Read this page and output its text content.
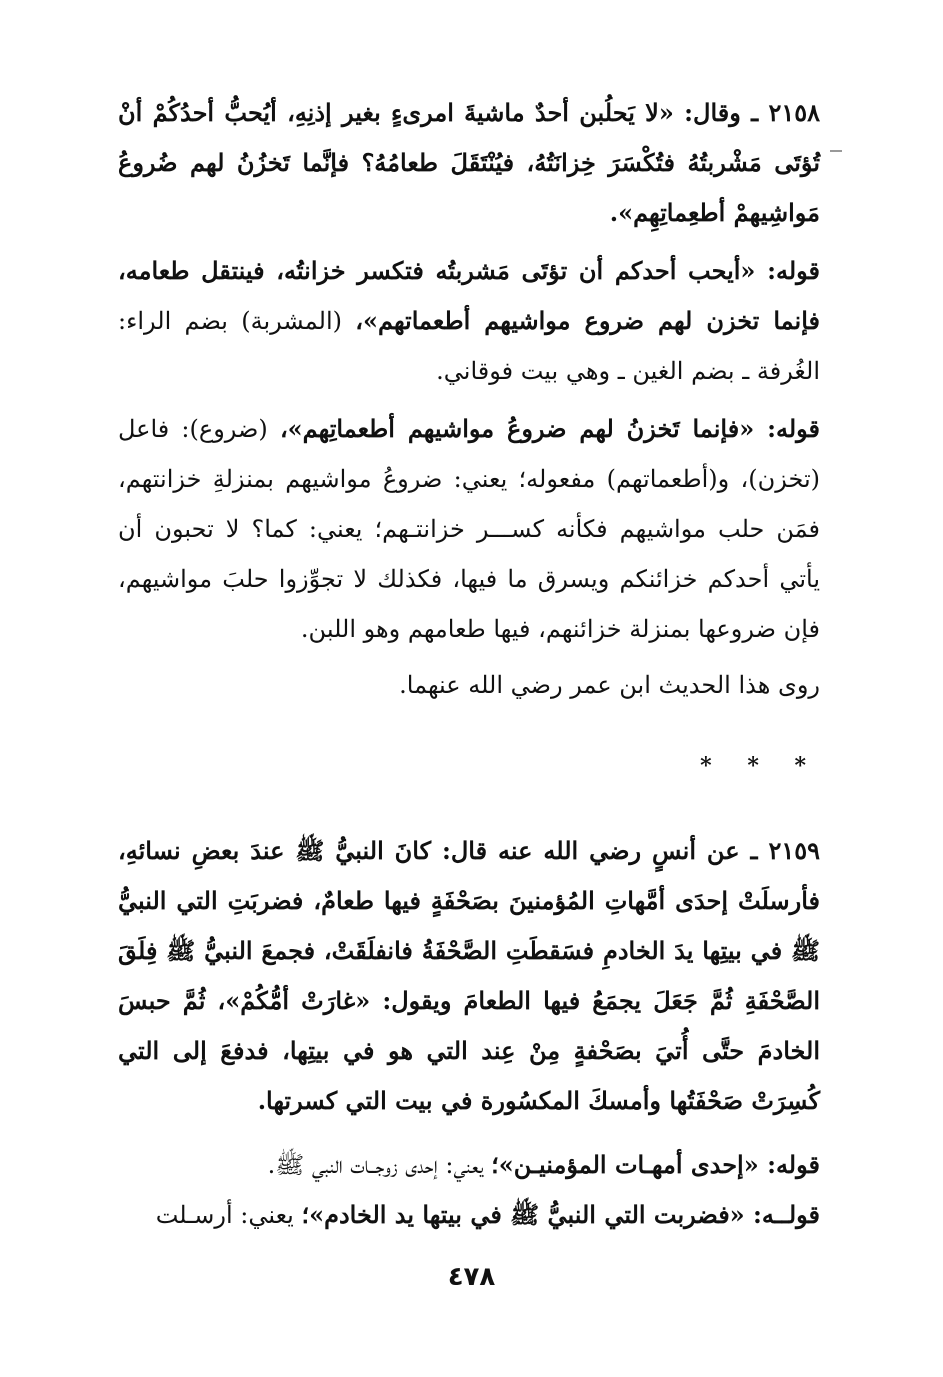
٢١٥٨ ـ وقال: «لا يَحلُبن أحدٌ ماشيةَ امرىءٍ بغير إذنِهِ، أيُحبُّ أحدُكُمْ أنْ تُؤتَى مَشْربتُهُ فتُكْسَرَ خِزانَتُهُ، فيُنْتَقَلَ طعامُهُ؟ فإنَّما تَخزُنُ لهم ضُروعُ مَواشِيهمْ أطعِماتِهِم».

قوله: «أيحب أحدكم أن تؤتَى مَشربتُه فتكسر خزانتُه، فينتقل طعامه، فإنما تخزن لهم ضروع مواشيهم أطعماتهم»، (المشربة) بضم الراء: الغُرفة ـ بضم الغين ـ وهي بيت فوقاني.

قوله: «فإنما تَخزنُ لهم ضروعُ مواشيهم أطعماتِهم»، (ضروع): فاعل (تخزن)، و(أطعماتهم) مفعوله؛ يعني: ضروعُ مواشيهم بمنزلةِ خزانتهم، فمَن حلب مواشيهم فكأنه كســـر خزانتـهم؛ يعني: كما؟ لا تحبون أن يأتي أحدكم خزائنكم ويسرق ما فيها، فكذلك لا تجوِّزوا حلبَ مواشيهم، فإن ضروعها بمنزلة خزائنهم، فيها طعامهم وهو اللبن.

روى هذا الحديث ابن عمر رضي الله عنهما.

* * *

٢١٥٩ ـ عن أنسٍ رضي الله عنه قال: كانَ النبيُّ ﷺ عندَ بعضِ نسائهِ، فأرسلَتْ إحدَى أمَّهاتِ المُؤمنينَ بصَحْفَةٍ فيها طعامٌ، فضربَتِ التي النبيُّ ﷺ في بيتِها يدَ الخادمِ فسَقطَتِ الصَّحْفَةُ فانفلَقَتْ، فجمعَ النبيُّ ﷺ فِلَقَ الصَّحْفَةِ ثُمَّ جَعَلَ يجمَعُ فيها الطعامَ ويقول: «غارَتْ أمُّكُمْ»، ثُمَّ حبسَ الخادمَ حتَّى أُتيَ بصَحْفةٍ مِنْ عِند التي هو في بيتِها، فدفعَ إلى التي كُسِرَتْ صَحْفَتُها وأمسكَ المكسُورة في بيت التي كسرتها.

قوله: «إحدى أمهـات المؤمنيـن»؛ يعني: إحدى زوجــات النبي ﷺ.

قولــه: «فضربت التي النبيُّ ﷺ في بيتها يد الخادم»؛ يعني: أرسـلت

٤٧٨
